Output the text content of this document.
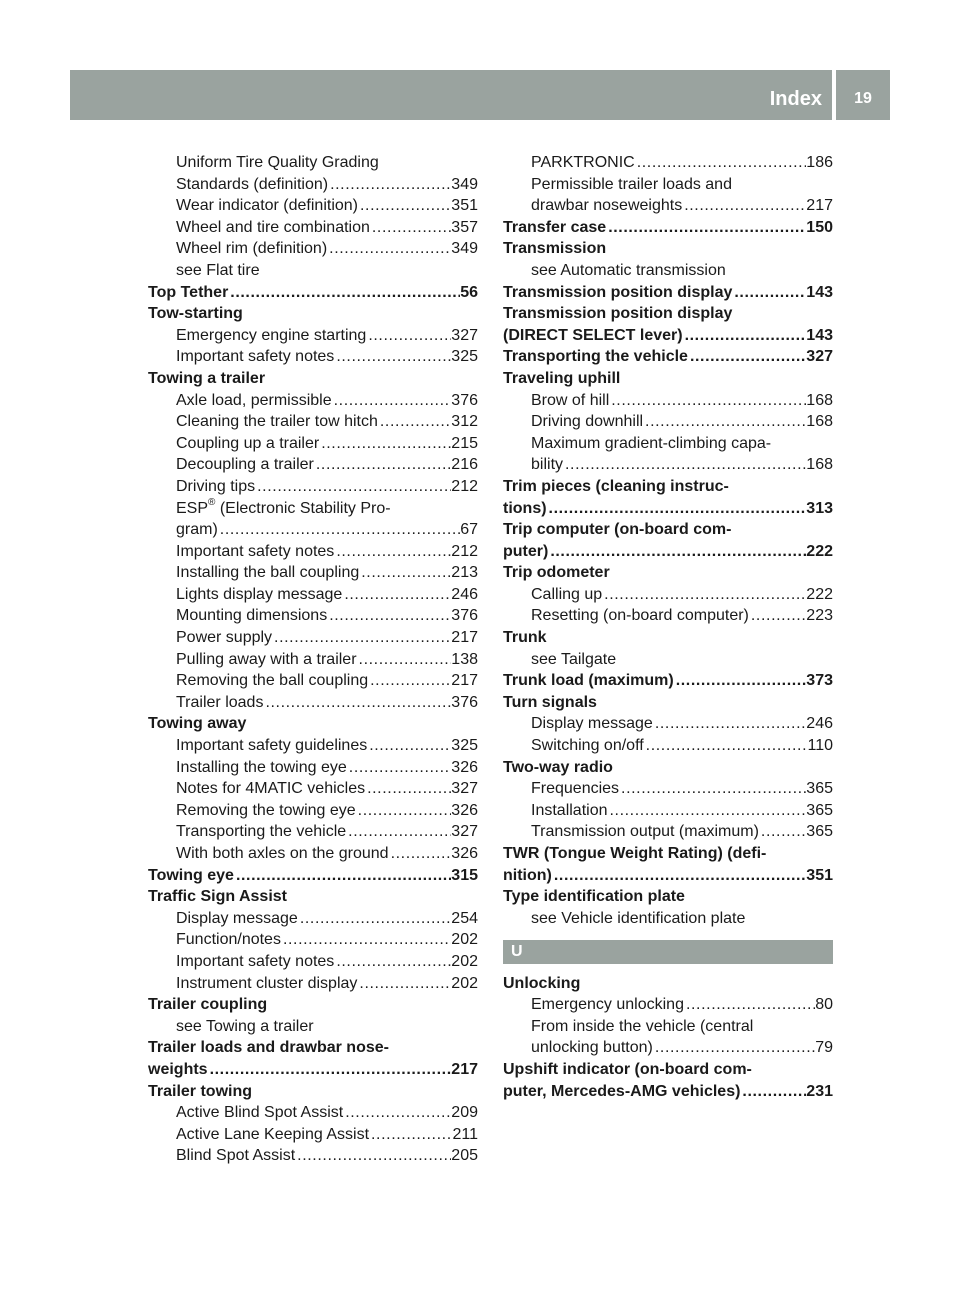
Index	19
Uniform Tire Quality Grading
Standards (definition) .....	349
Wear indicator (definition) .....	351
Wheel and tire combination .....	357
Wheel rim (definition) .....	349
see Flat tire
Top Tether .....	56
Tow-starting
Emergency engine starting .....	327
Important safety notes .....	325
Towing a trailer
Axle load, permissible .....	376
Cleaning the trailer tow hitch .....	312
Coupling up a trailer .....	215
Decoupling a trailer .....	216
Driving tips .....	212
ESP® (Electronic Stability Pro-
gram) .....	67
Important safety notes .....	212
Installing the ball coupling .....	213
Lights display message .....	246
Mounting dimensions .....	376
Power supply .....	217
Pulling away with a trailer .....	138
Removing the ball coupling .....	217
Trailer loads .....	376
Towing away
Important safety guidelines .....	325
Installing the towing eye .....	326
Notes for 4MATIC vehicles .....	327
Removing the towing eye .....	326
Transporting the vehicle .....	327
With both axles on the ground .....	326
Towing eye .....	315
Traffic Sign Assist
Display message .....	254
Function/notes .....	202
Important safety notes .....	202
Instrument cluster display .....	202
Trailer coupling
see Towing a trailer
Trailer loads and drawbar nose-
weights .....	217
Trailer towing
Active Blind Spot Assist .....	209
Active Lane Keeping Assist .....	211
Blind Spot Assist .....	205
PARKTRONIC .....	186
Permissible trailer loads and
drawbar noseweights .....	217
Transfer case .....	150
Transmission
see Automatic transmission
Transmission position display .....	143
Transmission position display
(DIRECT SELECT lever) .....	143
Transporting the vehicle .....	327
Traveling uphill
Brow of hill .....	168
Driving downhill .....	168
Maximum gradient-climbing capa-
bility .....	168
Trim pieces (cleaning instruc-
tions) .....	313
Trip computer (on-board com-
puter) .....	222
Trip odometer
Calling up .....	222
Resetting (on-board computer) .....	223
Trunk
see Tailgate
Trunk load (maximum) .....	373
Turn signals
Display message .....	246
Switching on/off .....	110
Two-way radio
Frequencies .....	365
Installation .....	365
Transmission output (maximum) .....	365
TWR (Tongue Weight Rating) (defi-
nition) .....	351
Type identification plate
see Vehicle identification plate
U
Unlocking
Emergency unlocking .....	80
From inside the vehicle (central
unlocking button) .....	79
Upshift indicator (on-board com-
puter, Mercedes-AMG vehicles) .....	231
